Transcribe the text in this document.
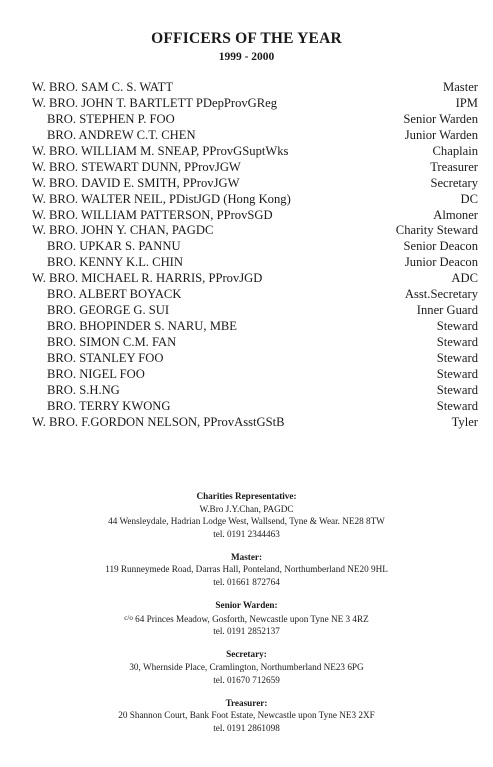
OFFICERS OF THE YEAR
1999 - 2000
W. BRO. SAM C. S. WATT	Master
W. BRO. JOHN T. BARTLETT PDepProvGReg	IPM
BRO. STEPHEN P. FOO	Senior Warden
BRO. ANDREW C.T. CHEN	Junior Warden
W. BRO. WILLIAM M. SNEAP, PProvGSuptWks	Chaplain
W. BRO. STEWART DUNN, PProvJGW	Treasurer
W. BRO. DAVID E. SMITH, PProvJGW	Secretary
W. BRO. WALTER NEIL, PDistJGD (Hong Kong)	DC
W. BRO. WILLIAM PATTERSON, PProvSGD	Almoner
W. BRO. JOHN Y. CHAN, PAGDC	Charity Steward
BRO. UPKAR S. PANNU	Senior Deacon
BRO. KENNY K.L. CHIN	Junior Deacon
W. BRO. MICHAEL R. HARRIS, PProvJGD	ADC
BRO. ALBERT BOYACK	Asst.Secretary
BRO. GEORGE G. SUI	Inner Guard
BRO. BHOPINDER S. NARU, MBE	Steward
BRO. SIMON C.M. FAN	Steward
BRO. STANLEY FOO	Steward
BRO. NIGEL FOO	Steward
BRO. S.H.NG	Steward
BRO. TERRY KWONG	Steward
W. BRO. F.GORDON NELSON, PProvAsstGStB	Tyler
Charities Representative:
W.Bro J.Y.Chan, PAGDC
44 Wensleydale, Hadrian Lodge West, Wallsend, Tyne & Wear. NE28 8TW
tel. 0191 2344463
Master:
119 Runneymede Road, Darras Hall, Ponteland, Northumberland NE20 9HL
tel. 01661 872764
Senior Warden:
$^{c/o}$ 64 Princes Meadow, Gosforth, Newcastle upon Tyne NE 3 4RZ
tel. 0191 2852137
Secretary:
30, Whernside Place, Cramlington, Northumberland NE23 6PG
tel. 01670 712659
Treasurer:
20 Shannon Court, Bank Foot Estate, Newcastle upon Tyne NE3 2XF
tel. 0191 2861098
